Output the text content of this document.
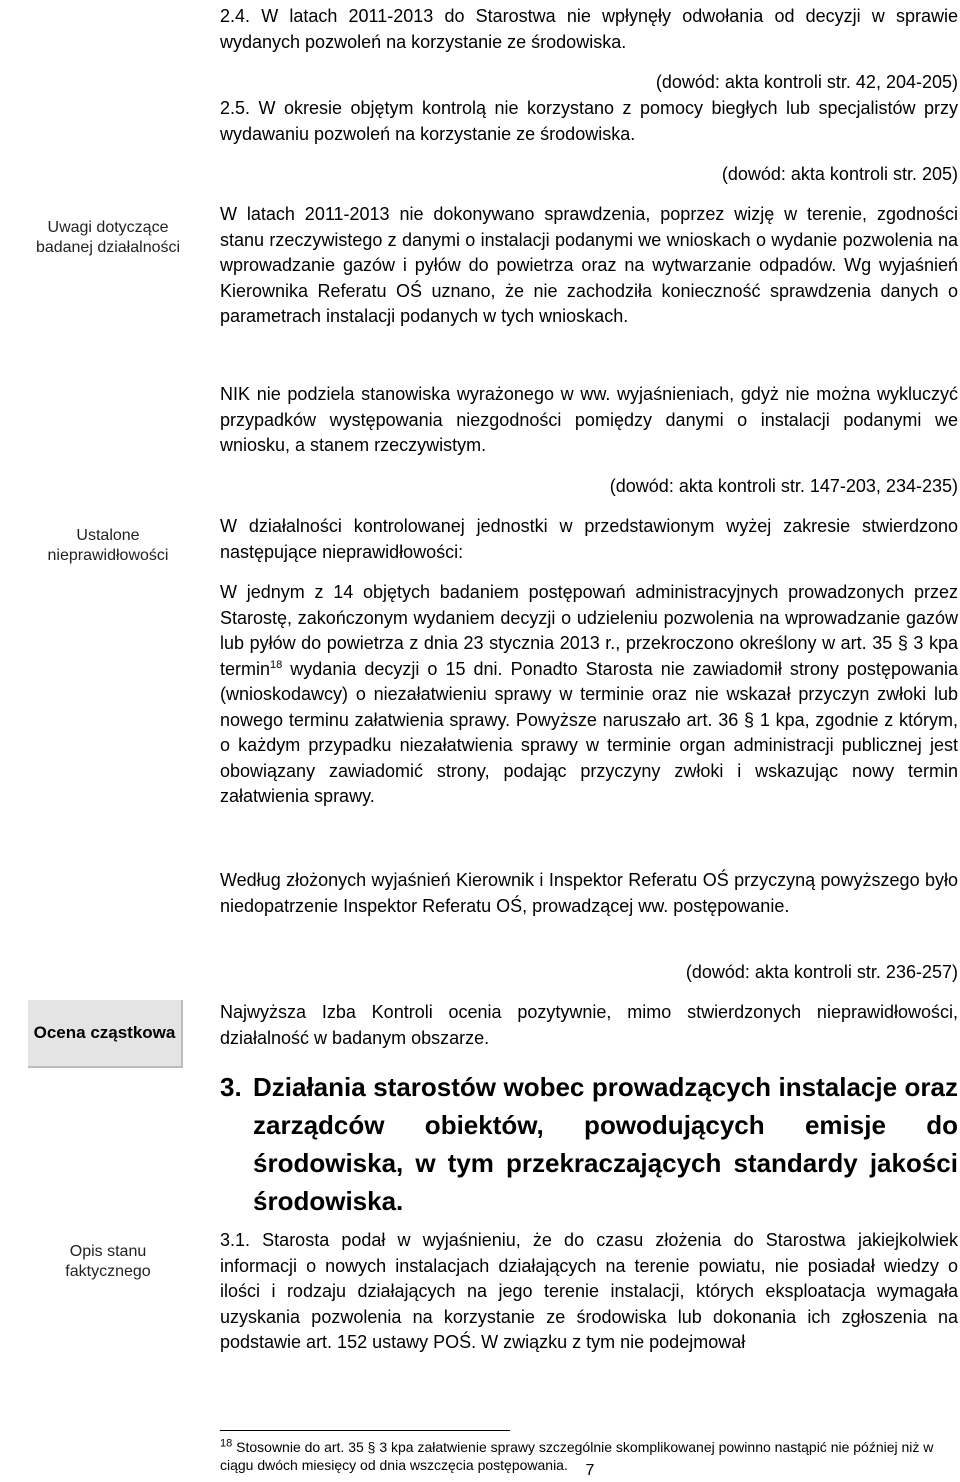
Uwagi dotyczące badanej działalności
Ustalone nieprawidłowości
Ocena cząstkowa
Opis stanu faktycznego

2.4. W latach 2011-2013 do Starostwa nie wpłynęły odwołania od decyzji w sprawie wydanych pozwoleń na korzystanie ze środowiska.

(dowód: akta kontroli str. 42, 204-205)

2.5. W okresie objętym kontrolą nie korzystano z pomocy biegłych lub specjalistów przy wydawaniu pozwoleń na korzystanie ze środowiska.

(dowód: akta kontroli str. 205)

W latach 2011-2013 nie dokonywano sprawdzenia, poprzez wizję w terenie, zgodności stanu rzeczywistego z danymi o instalacji podanymi we wnioskach o wydanie pozwolenia na wprowadzanie gazów i pyłów do powietrza oraz na wytwarzanie odpadów. Wg wyjaśnień Kierownika Referatu OŚ uznano, że nie zachodziła konieczność sprawdzenia danych o parametrach instalacji podanych w tych wnioskach.

NIK nie podziela stanowiska wyrażonego w ww. wyjaśnieniach, gdyż nie można wykluczyć przypadków występowania niezgodności pomiędzy danymi o instalacji podanymi we wniosku, a stanem rzeczywistym.

(dowód: akta kontroli str. 147-203, 234-235)

W działalności kontrolowanej jednostki w przedstawionym wyżej zakresie stwierdzono następujące nieprawidłowości:

W jednym z 14 objętych badaniem postępowań administracyjnych prowadzonych przez Starostę, zakończonym wydaniem decyzji o udzieleniu pozwolenia na wprowadzanie gazów lub pyłów do powietrza z dnia 23 stycznia 2013 r., przekroczono określony w art. 35 § 3 kpa termin$^{18}$ wydania decyzji o 15 dni. Ponadto Starosta nie zawiadomił strony postępowania (wnioskodawcy) o niezałatwieniu sprawy w terminie oraz nie wskazał przyczyn zwłoki lub nowego terminu załatwienia sprawy. Powyższe naruszało art. 36 § 1 kpa, zgodnie z którym, o każdym przypadku niezałatwienia sprawy w terminie organ administracji publicznej jest obowiązany zawiadomić strony, podając przyczyny zwłoki i wskazując nowy termin załatwienia sprawy.

Według złożonych wyjaśnień Kierownik i Inspektor Referatu OŚ przyczyną powyższego było niedopatrzenie Inspektor Referatu OŚ, prowadzącej ww. postępowanie.

(dowód: akta kontroli str. 236-257)

Najwyższa Izba Kontroli ocenia pozytywnie, mimo stwierdzonych nieprawidłowości, działalność w badanym obszarze.

3. Działania starostów wobec prowadzących instalacje oraz zarządców obiektów, powodujących emisje do środowiska, w tym przekraczających standardy jakości środowiska.

3.1. Starosta podał w wyjaśnieniu, że do czasu złożenia do Starostwa jakiejkolwiek informacji o nowych instalacjach działających na terenie powiatu, nie posiadał wiedzy o ilości i rodzaju działających na jego terenie instalacji, których eksploatacja wymagała uzyskania pozwolenia na korzystanie ze środowiska lub dokonania ich zgłoszenia na podstawie art. 152 ustawy POŚ. W związku z tym nie podejmował

$^{18}$ Stosownie do art. 35 § 3 kpa załatwienie sprawy szczególnie skomplikowanej powinno nastąpić nie później niż w ciągu dwóch miesięcy od dnia wszczęcia postępowania.	7
